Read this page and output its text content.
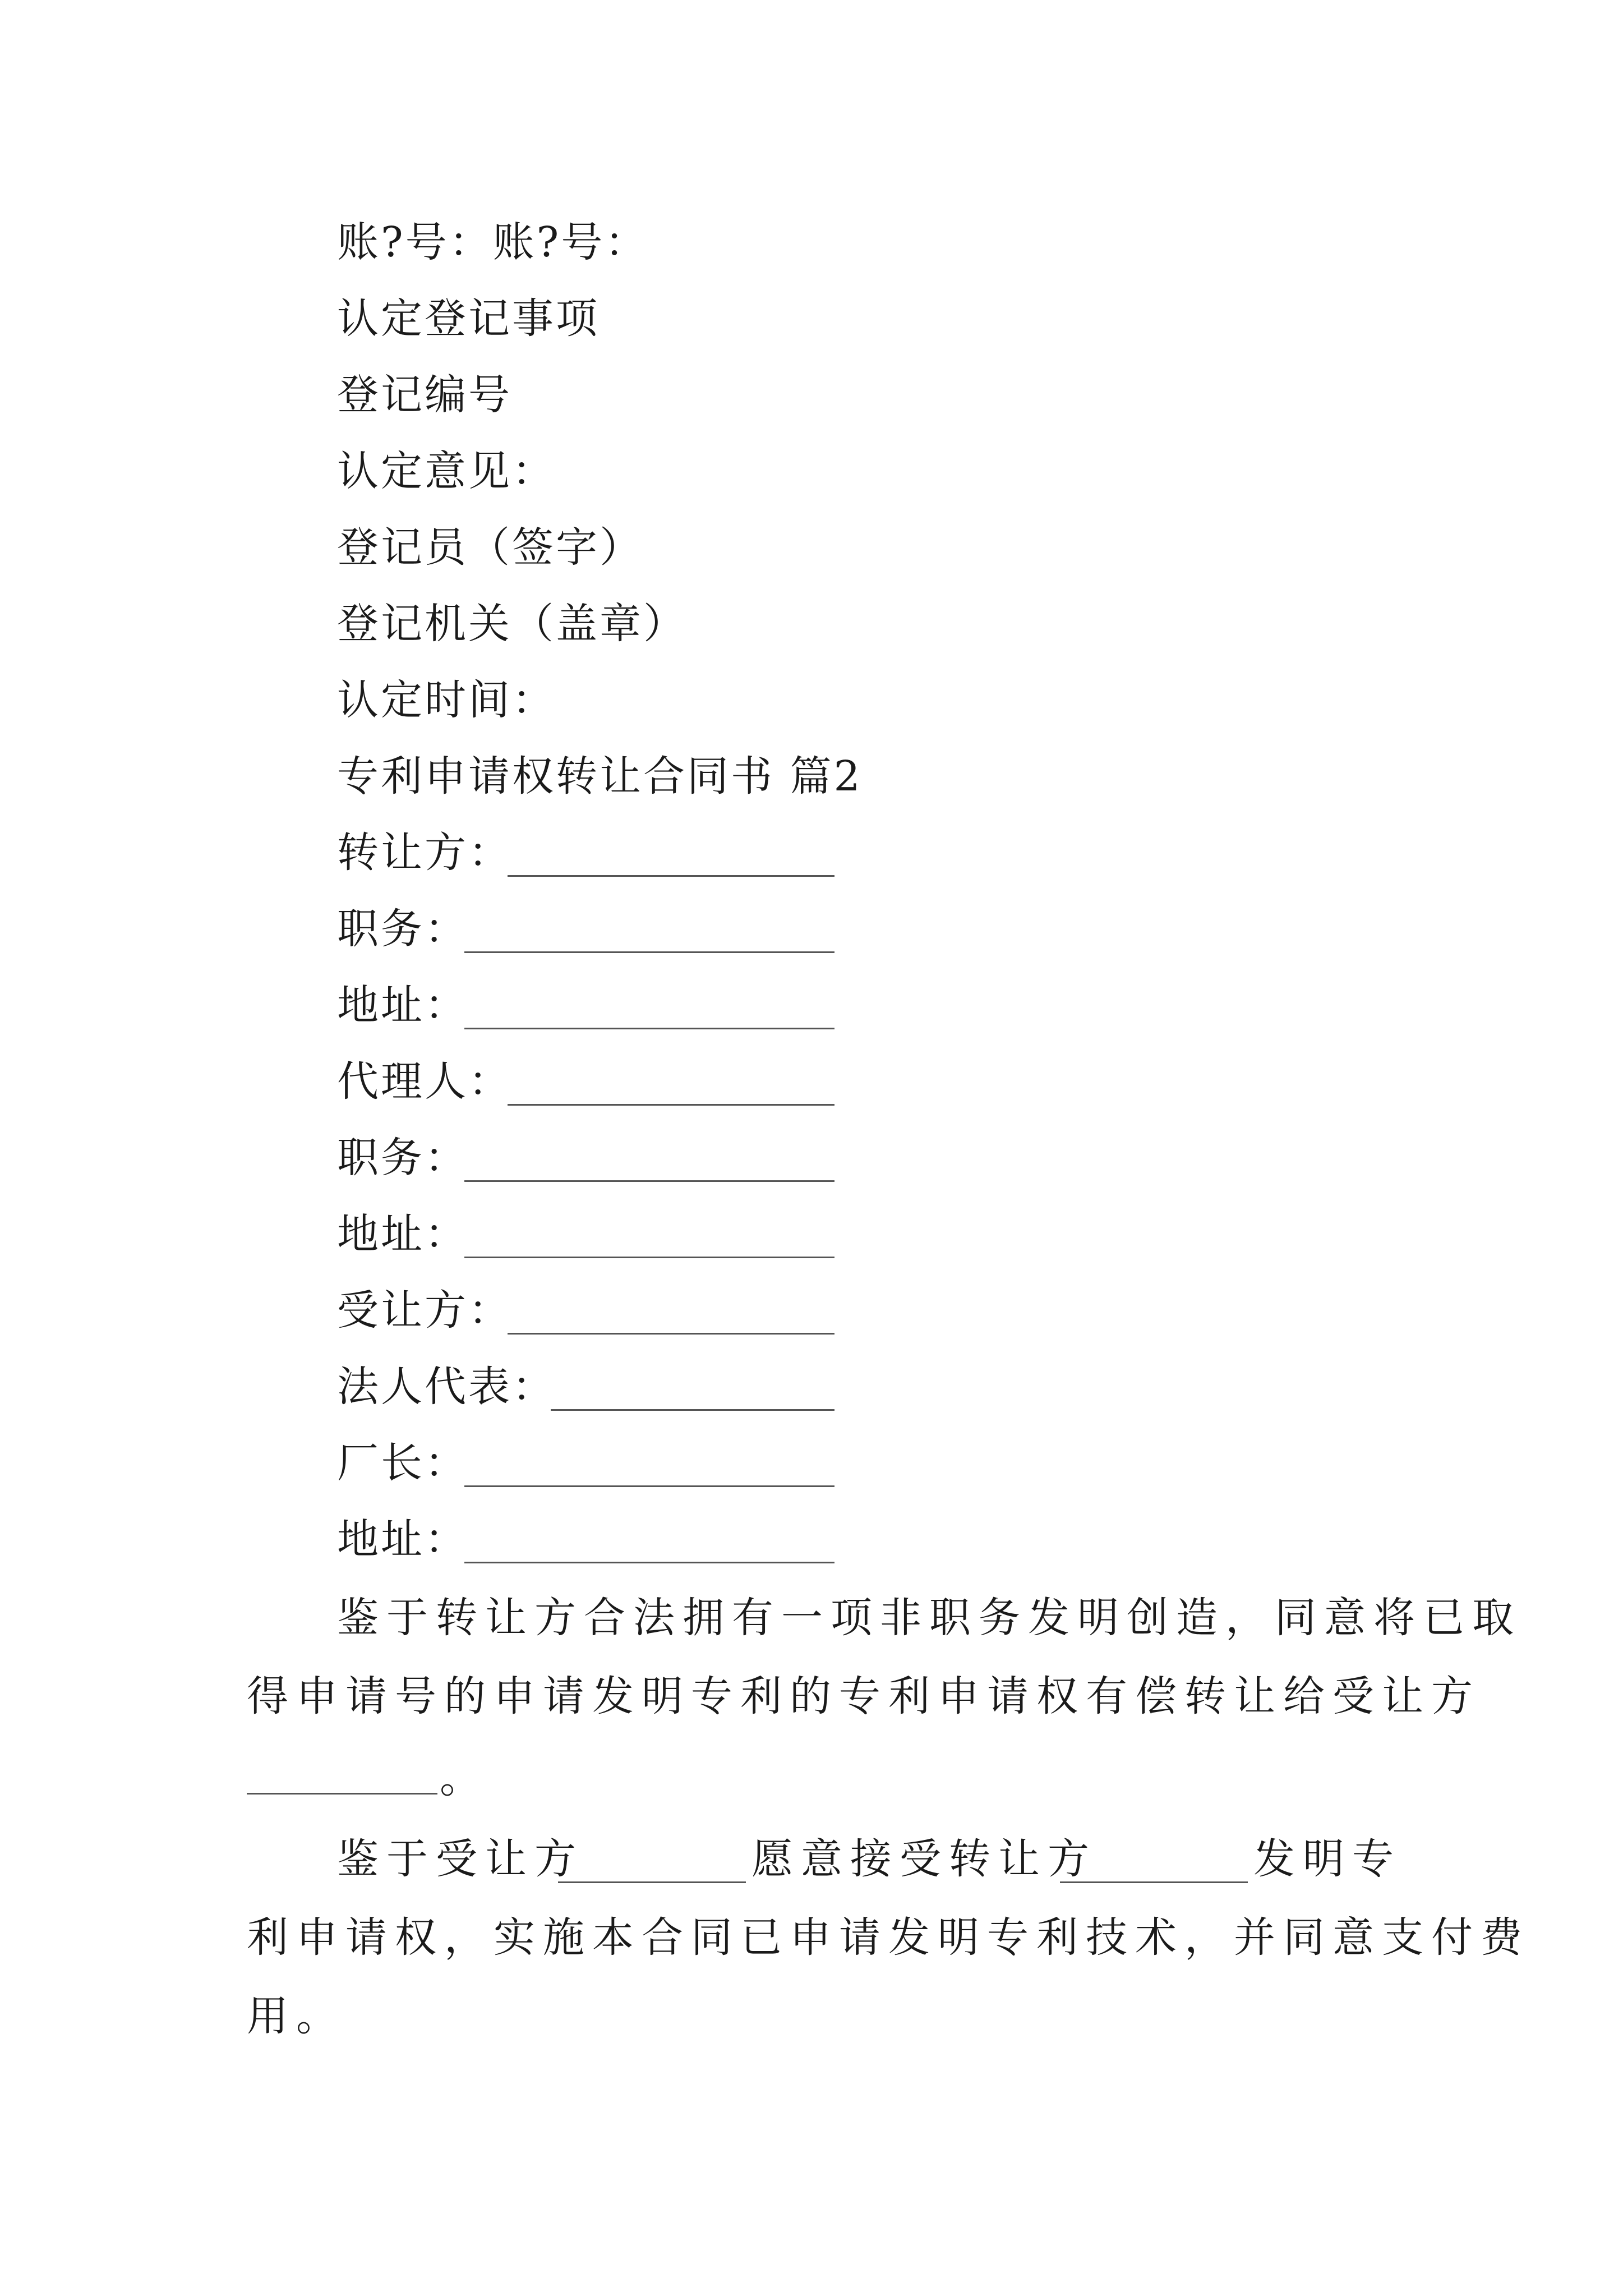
账?号：账?号：
认定登记事项
登记编号
认定意见：
登记员（签字）
登记机关（盖章）
认定时间：
专利申请权转让合同书 篇2
转让方：
职务：
地址：
代理人：
职务：
地址：
受让方：
法人代表：
厂长：
地址：
鉴于转让方合法拥有一项非职务发明创造，同意将已取
得申请号的申请发明专利的专利申请权有偿转让给受让方
。
鉴于受让方	愿意接受转让方	发明专
利申请权，实施本合同已申请发明专利技术，并同意支付费
用。
